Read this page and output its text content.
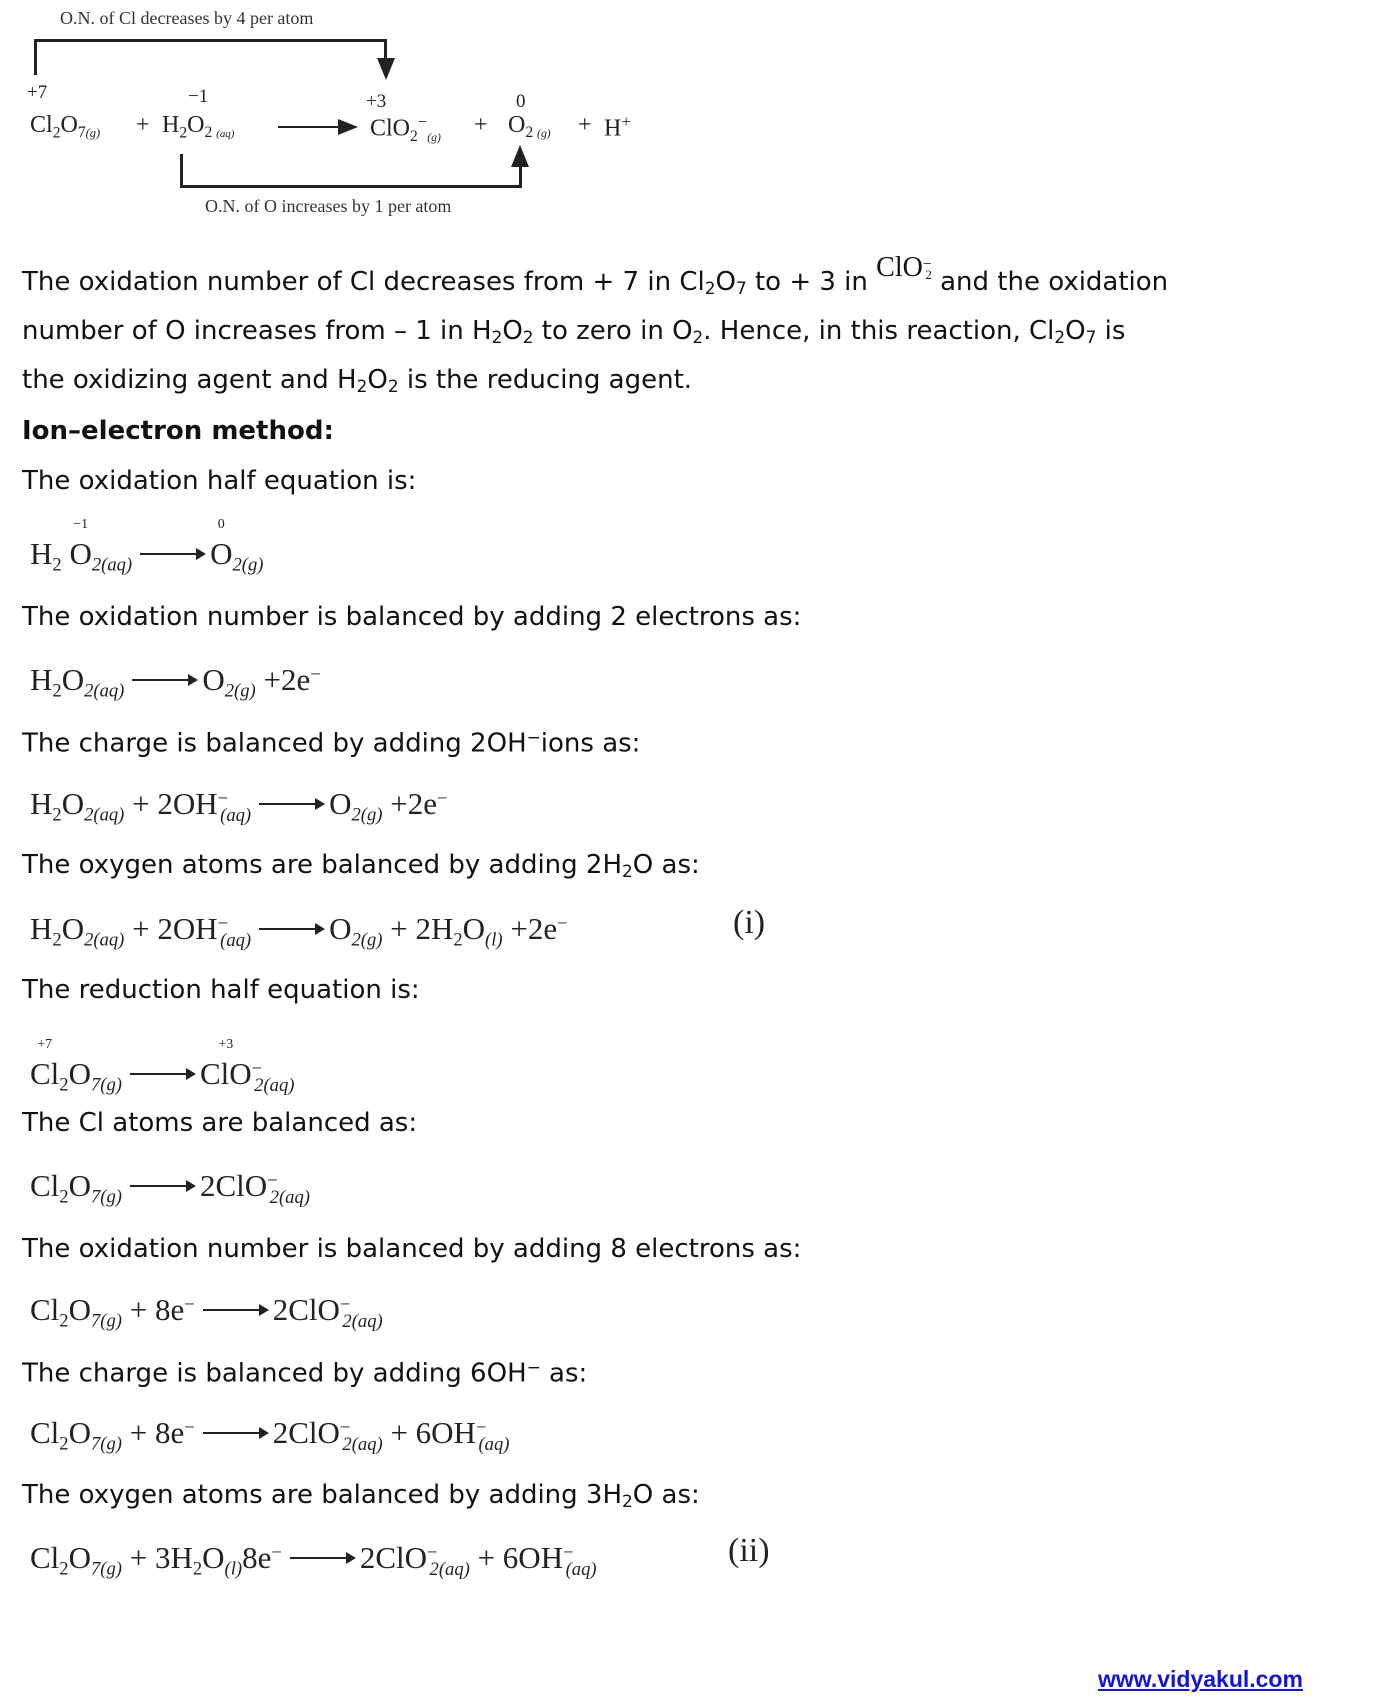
O.N. of Cl decreases by 4 per atom
+7	−1	+3	0
$Cl_2O_{7(g)} + H_2O_{2 (aq)}$	$ClO_2^-_{(g)} + O_{2 (g)} + H^+$
O.N. of O increases by 1 per atom
The oxidation number of Cl decreases from + 7 in $Cl_2O_7$ to + 3 in ClO−$_2$ and the oxidation
number of O increases from – 1 in $H_2O_2$ to zero in $O_2$. Hence, in this reaction, $Cl_2O_7$ is
the oxidizing agent and $H_2O_2$ is the reducing agent.
Ion–electron method:
The oxidation half equation is:
$H_2$
−1
$O_{2(aq)}$
0
$O_{2(g)}$
The oxidation number is balanced by adding 2 electrons as:
$H_2O_{2(aq)}$	$O_{2(g)} +2e^-$
The charge is balanced by adding 2OH−ions as:
$H_2O_{2(aq)} + 2OH^-_{(aq)}$	$O_{2(g)} +2e^-$
The oxygen atoms are balanced by adding $2H_2O$ as:
$H_2O_{2(aq)} + 2OH^-_{(aq)}$	$O_{2(g)} + 2H_2O_{(l)} +2e^-$	(i)
The reduction half equation is:
+7
$Cl_2O_{7(g)}$
+3
ClO−$_{2(aq)}$
The Cl atoms are balanced as:
$Cl_2O_{7(g)}$	2ClO−$_{2(aq)}$
The oxidation number is balanced by adding 8 electrons as:
$Cl_2O_{7(g)} + 8e^-$	2ClO−$_{2(aq)}$
The charge is balanced by adding 6OH− as:
$Cl_2O_{7(g)} + 8e^-$	$2ClO^-_{2(aq)} + 6OH^-_{(aq)}$
The oxygen atoms are balanced by adding $3H_2O$ as:
$Cl_2O_{7(g)} + 3H_2O_{(l)}8e^-$	$2ClO^-_{2(aq)} + 6OH^-_{(aq)}$	(ii)
www.vidyakul.com
